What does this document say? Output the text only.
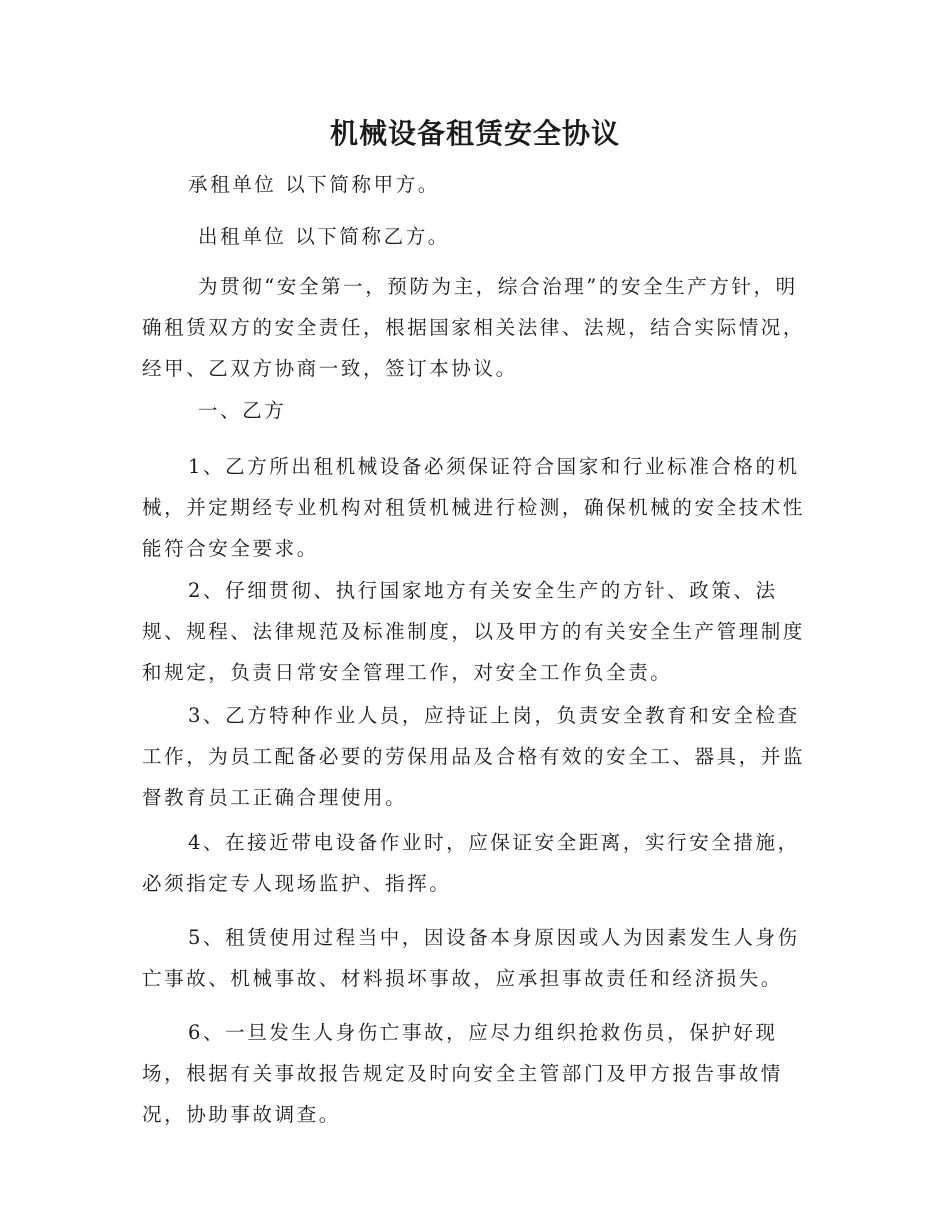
机械设备租赁安全协议

承租单位 以下简称甲方。

出租单位 以下简称乙方。

为贯彻“安全第一，预防为主，综合治理”的安全生产方针，明确租赁双方的安全责任，根据国家相关法律、法规，结合实际情况，经甲、乙双方协商一致，签订本协议。

一、乙方

1、乙方所出租机械设备必须保证符合国家和行业标准合格的机械，并定期经专业机构对租赁机械进行检测，确保机械的安全技术性能符合安全要求。

2、仔细贯彻、执行国家地方有关安全生产的方针、政策、法规、规程、法律规范及标准制度，以及甲方的有关安全生产管理制度和规定，负责日常安全管理工作，对安全工作负全责。

3、乙方特种作业人员，应持证上岗，负责安全教育和安全检查工作，为员工配备必要的劳保用品及合格有效的安全工、器具，并监督教育员工正确合理使用。

4、在接近带电设备作业时，应保证安全距离，实行安全措施，必须指定专人现场监护、指挥。

5、租赁使用过程当中，因设备本身原因或人为因素发生人身伤亡事故、机械事故、材料损坏事故，应承担事故责任和经济损失。

6、一旦发生人身伤亡事故，应尽力组织抢救伤员，保护好现场，根据有关事故报告规定及时向安全主管部门及甲方报告事故情况，协助事故调查。
